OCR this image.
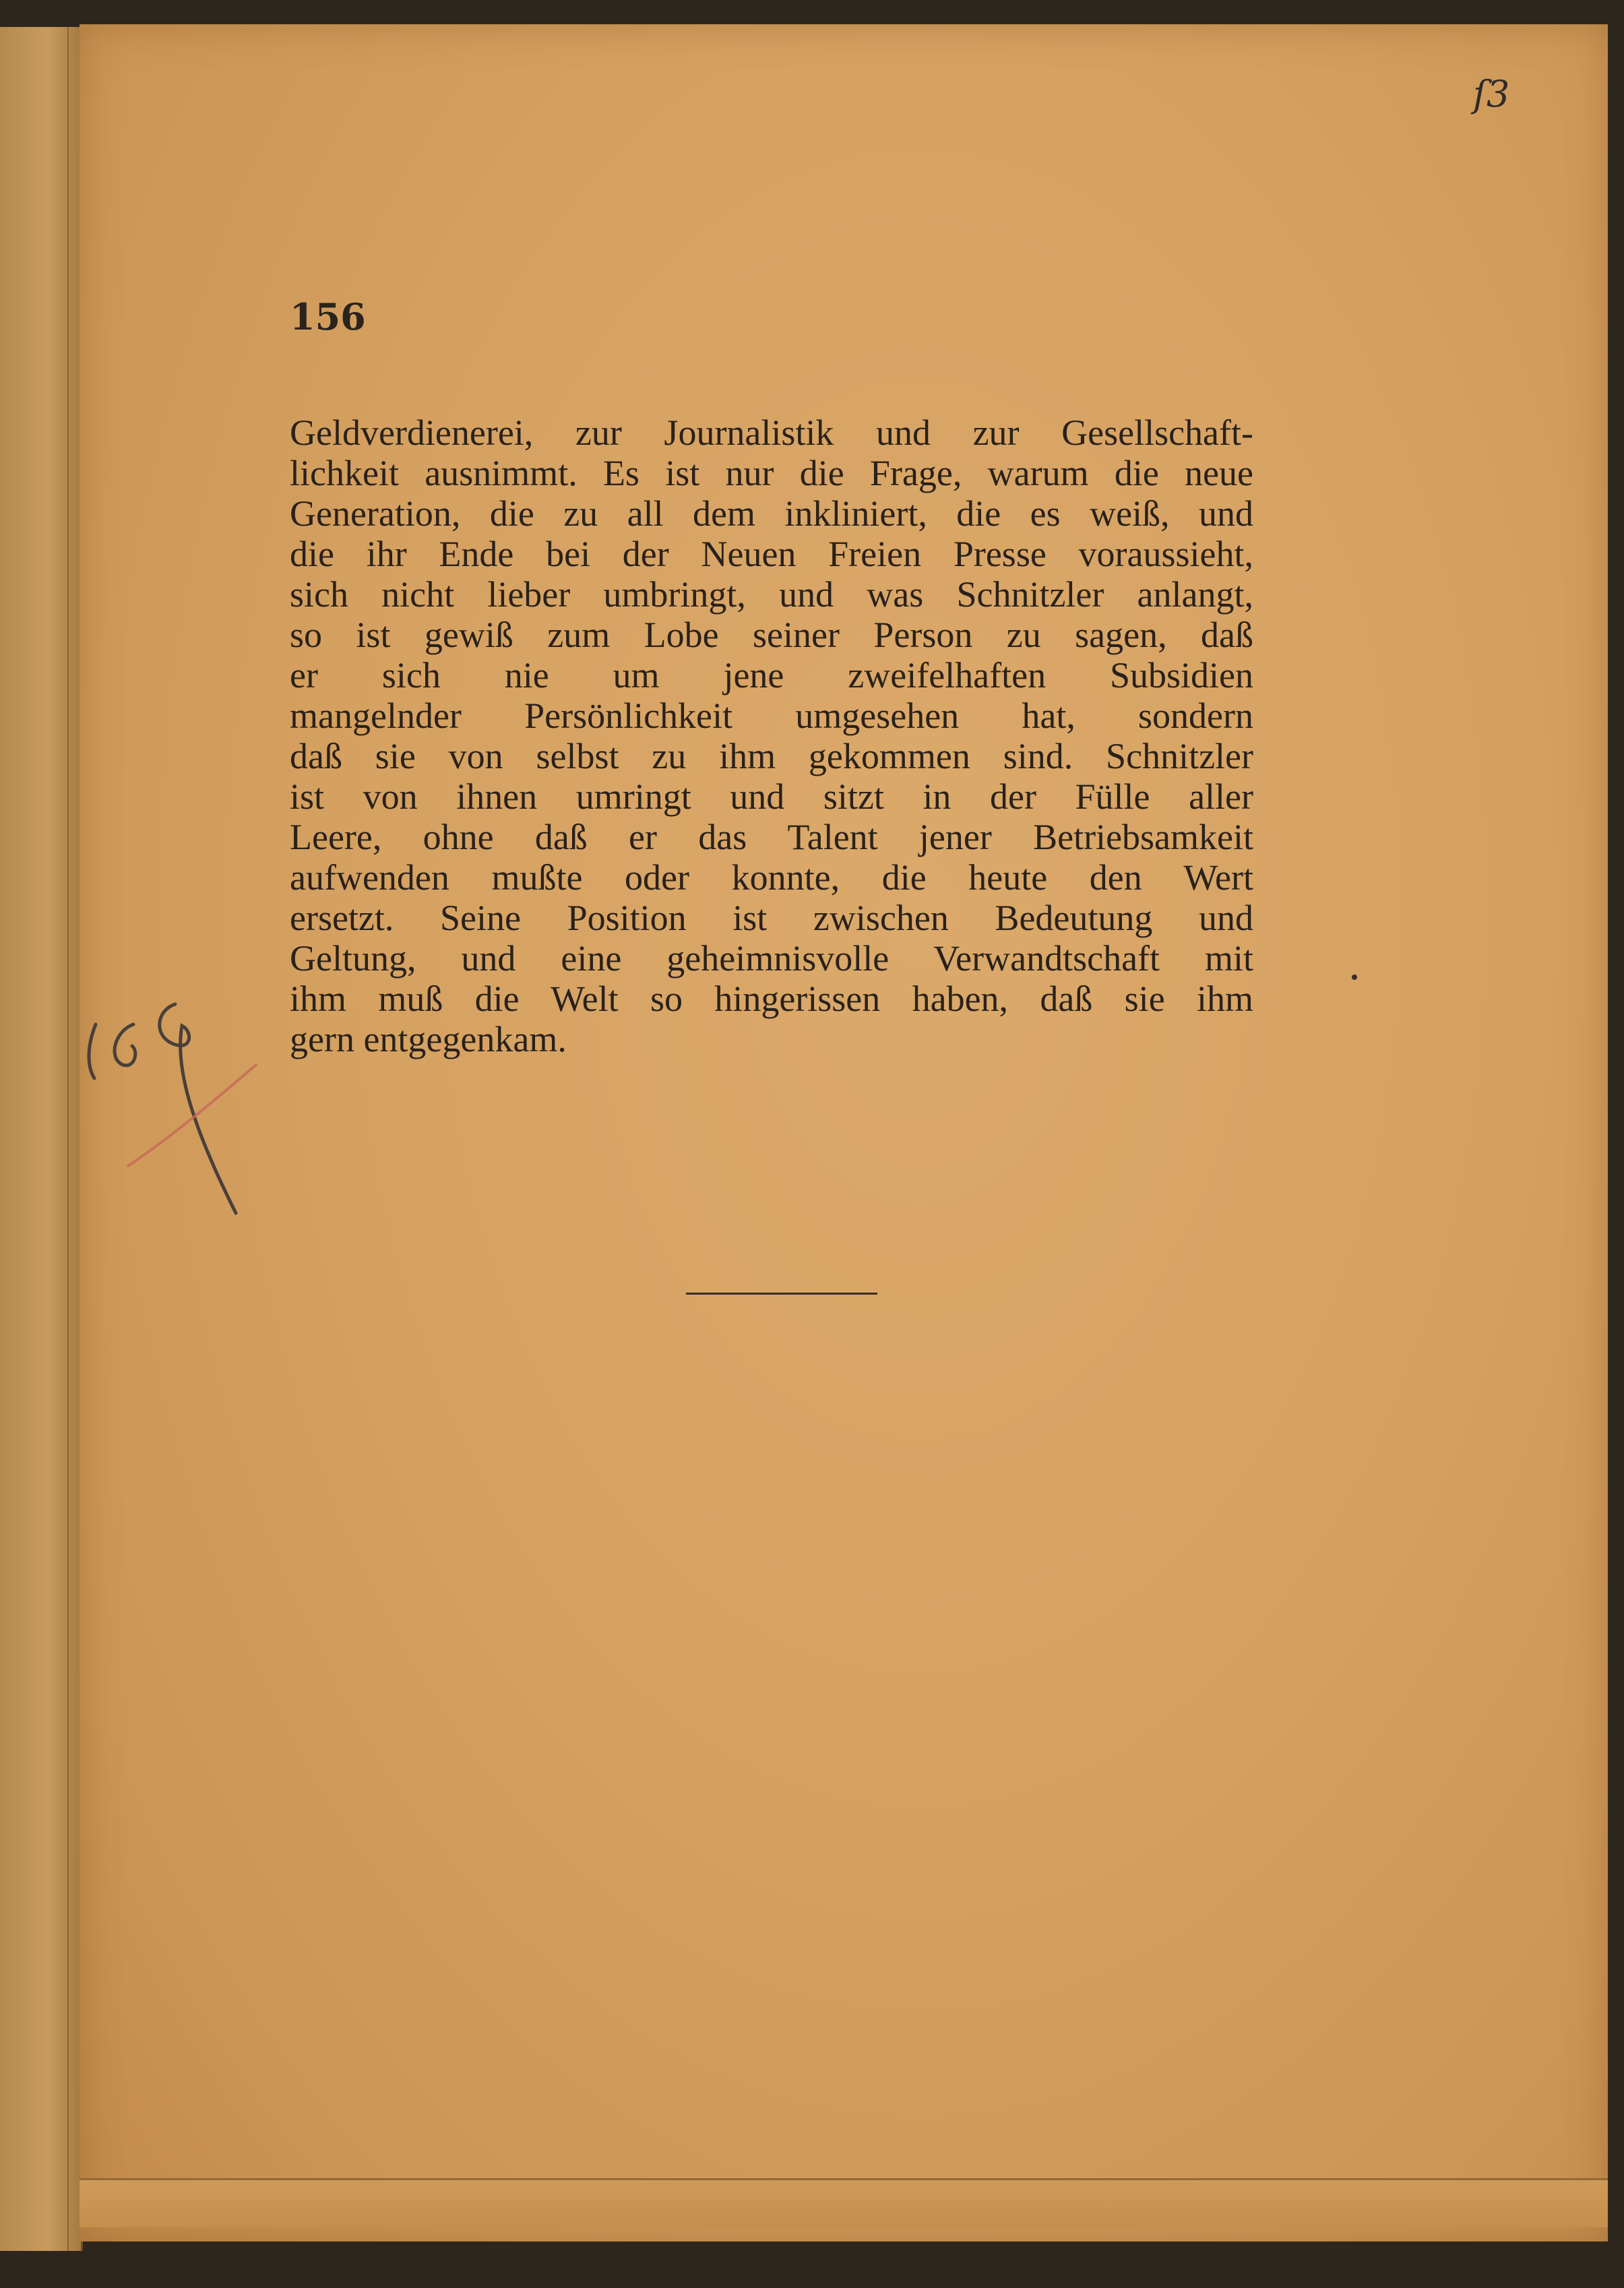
ſ3
156
Geldverdienerei, zur Journalistik und zur Gesellschaft-
lichkeit ausnimmt. Es ist nur die Frage, warum die neue
Generation, die zu all dem inkliniert, die es weiß, und
die ihr Ende bei der Neuen Freien Presse voraussieht,
sich nicht lieber umbringt, und was Schnitzler anlangt,
so ist gewiß zum Lobe seiner Person zu sagen, daß
er sich nie um jene zweifelhaften Subsidien
mangelnder Persönlichkeit umgesehen hat, sondern
daß sie von selbst zu ihm gekommen sind. Schnitzler
ist von ihnen umringt und sitzt in der Fülle aller
Leere, ohne daß er das Talent jener Betriebsamkeit
aufwenden mußte oder konnte, die heute den Wert
ersetzt. Seine Position ist zwischen Bedeutung und
Geltung, und eine geheimnisvolle Verwandtschaft mit
ihm muß die Welt so hingerissen haben, daß sie ihm
gern entgegenkam.
